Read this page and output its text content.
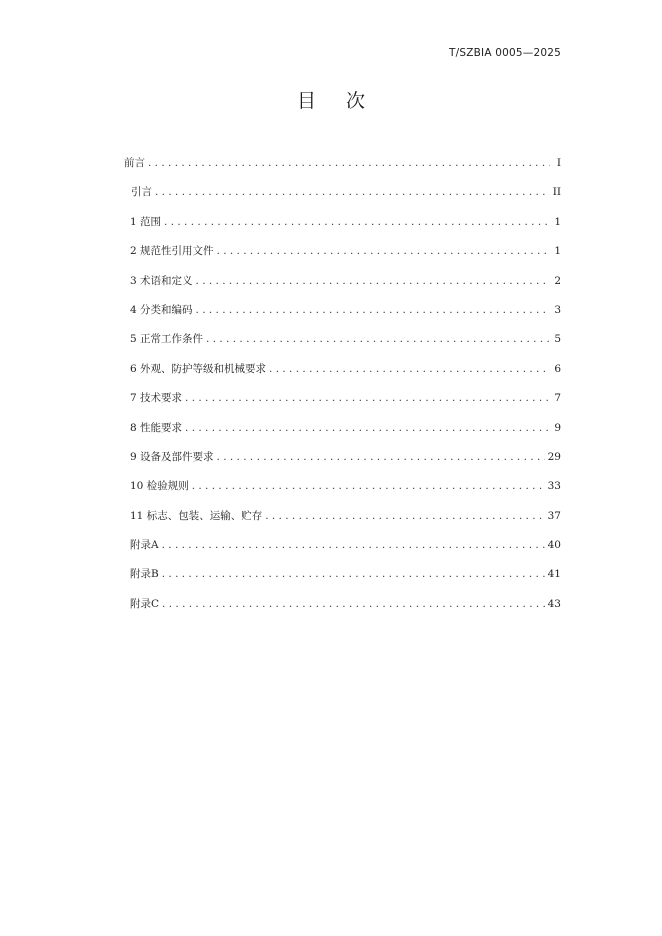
T/SZBIA 0005—2025
目 次
前言 . . .	I
引言 . . .	II
1 范围 . . .	1
2 规范性引用文件 . . .	1
3 术语和定义 . . .	2
4 分类和编码 . . .	3
5 正常工作条件 . . .	5
6 外观、防护等级和机械要求 . . .	6
7 技术要求 . . .	7
8 性能要求 . . .	9
9 设备及部件要求 . . .	29
10 检验规则 . . .	33
11 标志、包装、运输、贮存 . . .	37
附录A . . .	40
附录B . . .	41
附录C . . .	43
